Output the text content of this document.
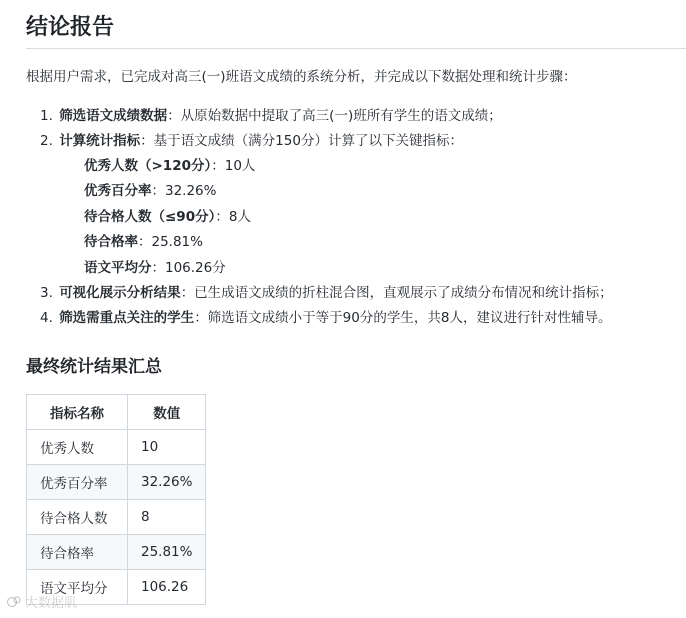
结论报告

根据用户需求，已完成对高三(一)班语文成绩的系统分析，并完成以下数据处理和统计步骤：

1. 筛选语文成绩数据：从原始数据中提取了高三(一)班所有学生的语文成绩；
2. 计算统计指标：基于语文成绩（满分150分）计算了以下关键指标：
优秀人数（>120分）：10人
优秀百分率：32.26%
待合格人数（≤90分）：8人
待合格率：25.81%
语文平均分：106.26分
3. 可视化展示分析结果：已生成语文成绩的折柱混合图，直观展示了成绩分布情况和统计指标；
4. 筛选需重点关注的学生：筛选语文成绩小于等于90分的学生，共8人，建议进行针对性辅导。
最终统计结果汇总
指标名称	数值
优秀人数	10
优秀百分率	32.26%
待合格人数	8
待合格率	25.81%
语文平均分	106.26
大数据肌
